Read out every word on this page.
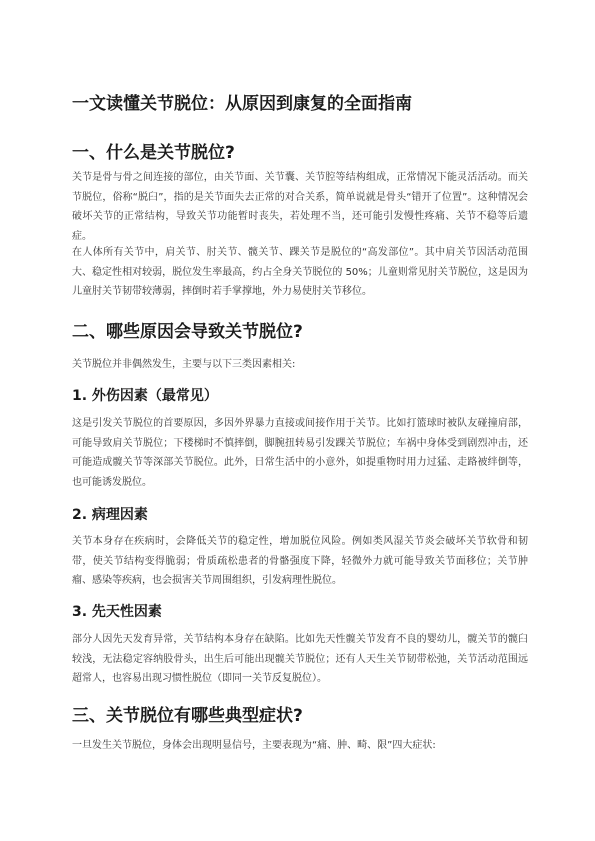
一文读懂关节脱位：从原因到康复的全面指南
一、什么是关节脱位?

关节是骨与骨之间连接的部位，由关节面、关节囊、关节腔等结构组成，正常情况下能灵活活动。而关节脱位，俗称“脱臼”，指的是关节面失去正常的对合关系，简单说就是骨头“错开了位置”。这种情况会破坏关节的正常结构，导致关节功能暂时丧失，若处理不当，还可能引发慢性疼痛、关节不稳等后遗症。

在人体所有关节中，肩关节、肘关节、髋关节、踝关节是脱位的“高发部位”。其中肩关节因活动范围大、稳定性相对较弱，脱位发生率最高，约占全身关节脱位的 50%；儿童则常见肘关节脱位，这是因为儿童肘关节韧带较薄弱，摔倒时若手掌撑地，外力易使肘关节移位。

二、哪些原因会导致关节脱位?

关节脱位并非偶然发生，主要与以下三类因素相关:

1. 外伤因素（最常见）

这是引发关节脱位的首要原因，多因外界暴力直接或间接作用于关节。比如打篮球时被队友碰撞肩部，可能导致肩关节脱位；下楼梯时不慎摔倒，脚腕扭转易引发踝关节脱位；车祸中身体受到剧烈冲击，还可能造成髋关节等深部关节脱位。此外，日常生活中的小意外，如提重物时用力过猛、走路被绊倒等，也可能诱发脱位。

2. 病理因素

关节本身存在疾病时，会降低关节的稳定性，增加脱位风险。例如类风湿关节炎会破坏关节软骨和韧带，使关节结构变得脆弱；骨质疏松患者的骨骼强度下降，轻微外力就可能导致关节面移位；关节肿瘤、感染等疾病，也会损害关节周围组织，引发病理性脱位。

3. 先天性因素

部分人因先天发育异常，关节结构本身存在缺陷。比如先天性髋关节发育不良的婴幼儿，髋关节的髋臼较浅，无法稳定容纳股骨头，出生后可能出现髋关节脱位；还有人天生关节韧带松弛，关节活动范围远超常人，也容易出现习惯性脱位（即同一关节反复脱位）。

三、关节脱位有哪些典型症状?

一旦发生关节脱位，身体会出现明显信号，主要表现为“痛、肿、畸、限”四大症状:
